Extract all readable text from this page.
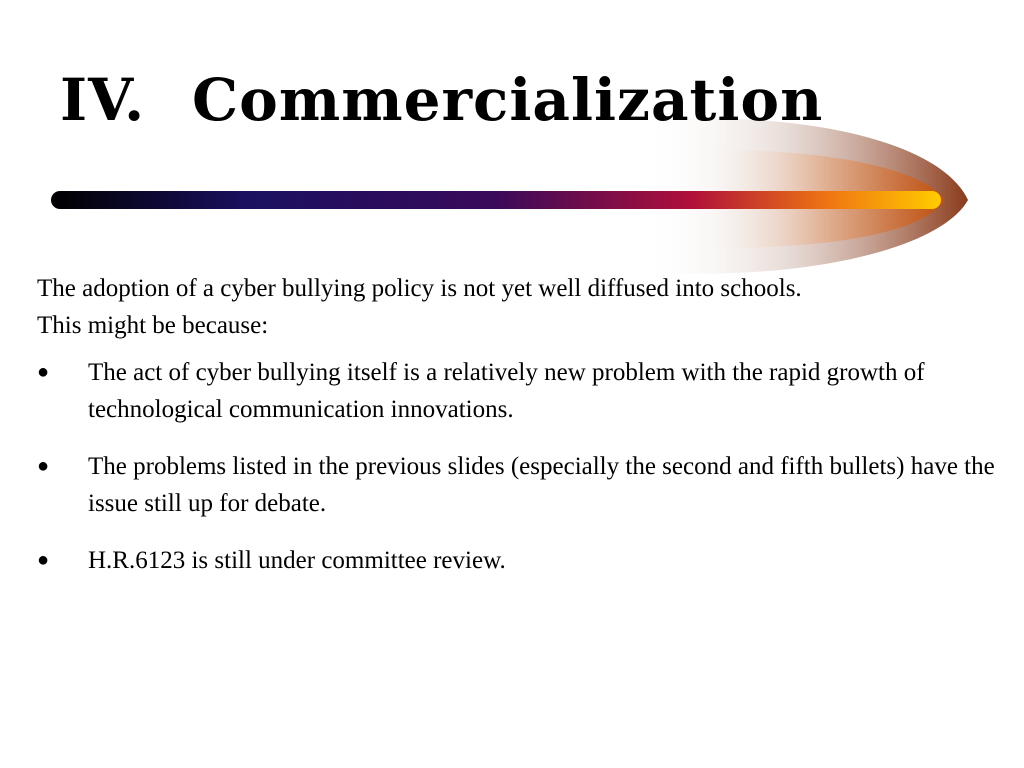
IV. Commercialization

The adoption of a cyber bullying policy is not yet well diffused into schools.
This might be because:

● The act of cyber bullying itself is a relatively new problem with the rapid growth of technological communication innovations.
● The problems listed in the previous slides (especially the second and fifth bullets) have the issue still up for debate.
● H.R.6123 is still under committee review.
